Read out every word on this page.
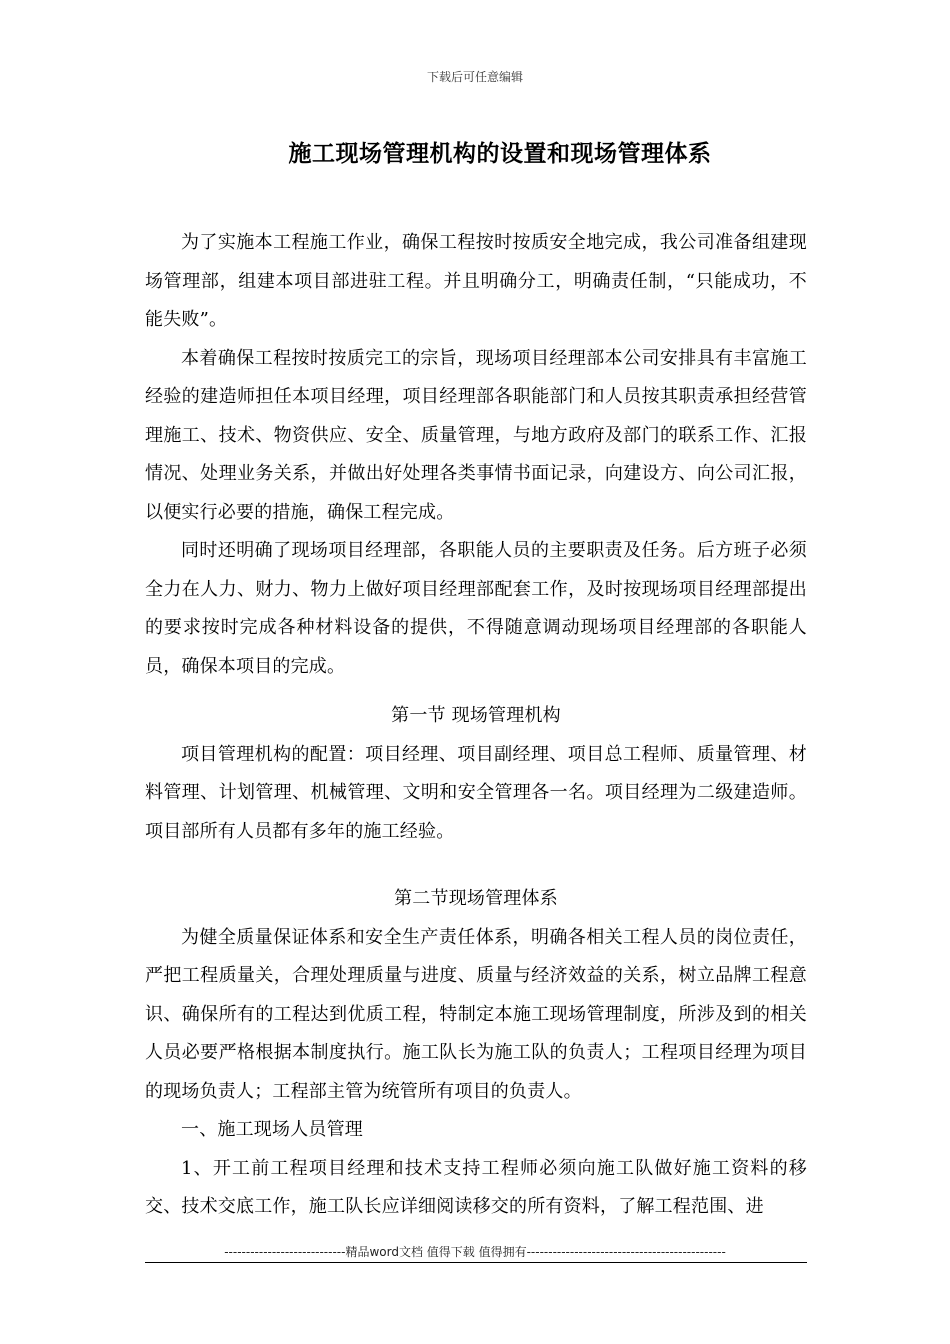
下载后可任意编辑
施工现场管理机构的设置和现场管理体系

为了实施本工程施工作业，确保工程按时按质安全地完成，我公司准备组建现场管理部，组建本项目部进驻工程。并且明确分工，明确责任制，“只能成功，不能失败”。

本着确保工程按时按质完工的宗旨，现场项目经理部本公司安排具有丰富施工经验的建造师担任本项目经理，项目经理部各职能部门和人员按其职责承担经营管理施工、技术、物资供应、安全、质量管理，与地方政府及部门的联系工作、汇报情况、处理业务关系，并做出好处理各类事情书面记录，向建设方、向公司汇报，以便实行必要的措施，确保工程完成。

同时还明确了现场项目经理部，各职能人员的主要职责及任务。后方班子必须全力在人力、财力、物力上做好项目经理部配套工作，及时按现场项目经理部提出的要求按时完成各种材料设备的提供，不得随意调动现场项目经理部的各职能人员，确保本项目的完成。

第一节 现场管理机构

项目管理机构的配置：项目经理、项目副经理、项目总工程师、质量管理、材料管理、计划管理、机械管理、文明和安全管理各一名。项目经理为二级建造师。项目部所有人员都有多年的施工经验。

第二节现场管理体系

为健全质量保证体系和安全生产责任体系，明确各相关工程人员的岗位责任，严把工程质量关，合理处理质量与进度、质量与经济效益的关系，树立品牌工程意识、确保所有的工程达到优质工程，特制定本施工现场管理制度，所涉及到的相关人员必要严格根据本制度执行。施工队长为施工队的负责人；工程项目经理为项目的现场负责人；工程部主管为统管所有项目的负责人。

一、施工现场人员管理

1、开工前工程项目经理和技术支持工程师必须向施工队做好施工资料的移交、技术交底工作，施工队长应详细阅读移交的所有资料，了解工程范围、进

----------------------------精品word文档 值得下载 值得拥有----------------------------------------------
